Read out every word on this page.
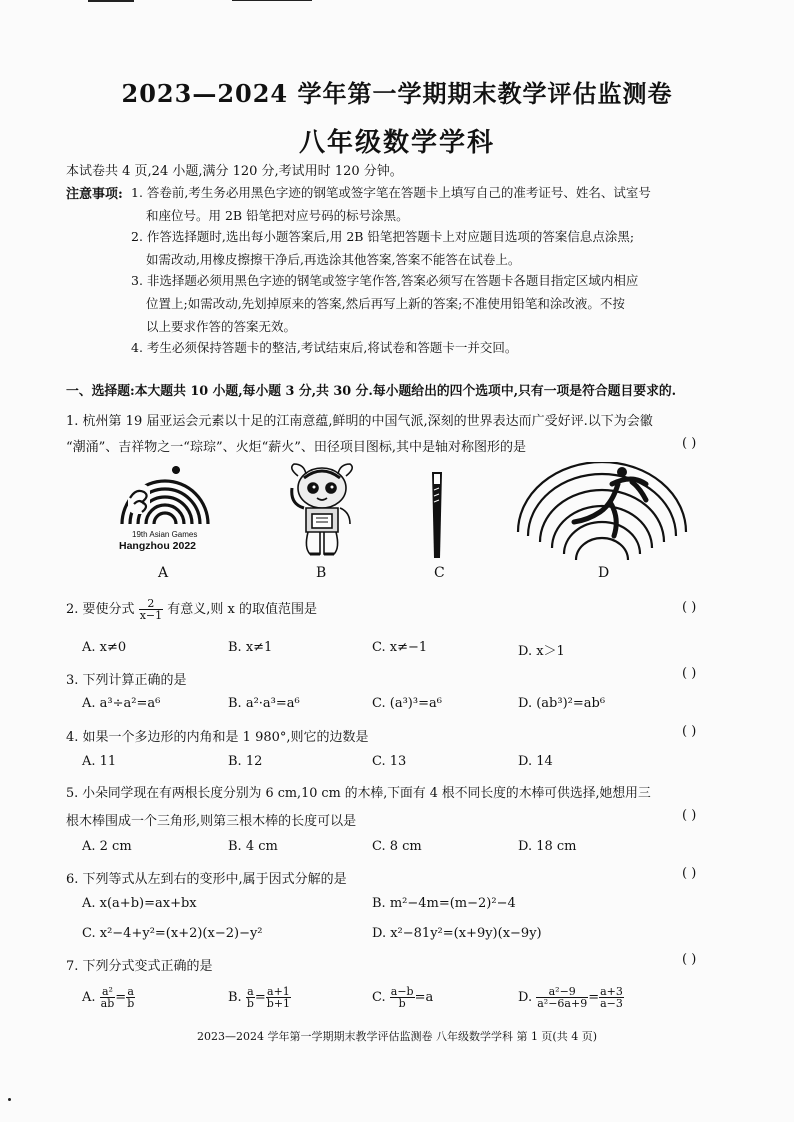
2023—2024 学年第一学期期末教学评估监测卷
八年级数学学科
本试卷共 4 页,24 小题,满分 120 分,考试用时 120 分钟。
注意事项: 1. 答卷前,考生务必用黑色字迹的钢笔或签字笔在答题卡上填写自己的准考证号、姓名、试室号
和座位号。用 2B 铅笔把对应号码的标号涂黑。
2. 作答选择题时,选出每小题答案后,用 2B 铅笔把答题卡上对应题目选项的答案信息点涂黑;
如需改动,用橡皮擦擦干净后,再选涂其他答案,答案不能答在试卷上。
3. 非选择题必须用黑色字迹的钢笔或签字笔作答,答案必须写在答题卡各题目指定区域内相应
位置上;如需改动,先划掉原来的答案,然后再写上新的答案;不准使用铅笔和涂改液。不按
以上要求作答的答案无效。
4. 考生必须保持答题卡的整洁,考试结束后,将试卷和答题卡一并交回。
一、选择题:本大题共 10 小题,每小题 3 分,共 30 分.每小题给出的四个选项中,只有一项是符合题目要求的.
1. 杭州第 19 届亚运会元素以十足的江南意蕴,鲜明的中国气派,深刻的世界表达而广受好评.以下为会徽
“潮涌”、吉祥物之一“琮琮”、火炬“薪火”、田径项目图标,其中是轴对称图形的是	( )
19th Asian Games
Hangzhou 2022
A	B	C	D
2. 要使分式 $\frac{2}{x-1}$ 有意义,则 x 的取值范围是	( )
A. x≠0	B. x≠1	C. x≠−1	D. x＞1
3. 下列计算正确的是	( )
A. a³÷a²=a⁶	B. a²·a³=a⁶	C. (a³)³=a⁶	D. (ab³)²=ab⁶
4. 如果一个多边形的内角和是 1 980°,则它的边数是	( )
A. 11	B. 12	C. 13	D. 14
5. 小朵同学现在有两根长度分别为 6 cm,10 cm 的木棒,下面有 4 根不同长度的木棒可供选择,她想用三
根木棒围成一个三角形,则第三根木棒的长度可以是	( )
A. 2 cm	B. 4 cm	C. 8 cm	D. 18 cm
6. 下列等式从左到右的变形中,属于因式分解的是	( )
A. x(a+b)=ax+bx	B. m²−4m=(m−2)²−4
C. x²−4+y²=(x+2)(x−2)−y²	D. x²−81y²=(x+9y)(x−9y)
7. 下列分式变式正确的是	( )
A. $\frac{\text{a²}}{ab} = \frac{a}{b}$	B. $\frac{a}{b} = \frac{a+1}{b+1}$	C. $\frac{a-b}{b} =a$	D. $\frac{\text{a²−9}}{\text{a²−6a+9}} = \frac{a+3}{a-3}$
2023—2024 学年第一学期期末教学评估监测卷 八年级数学学科 第 1 页(共 4 页)
